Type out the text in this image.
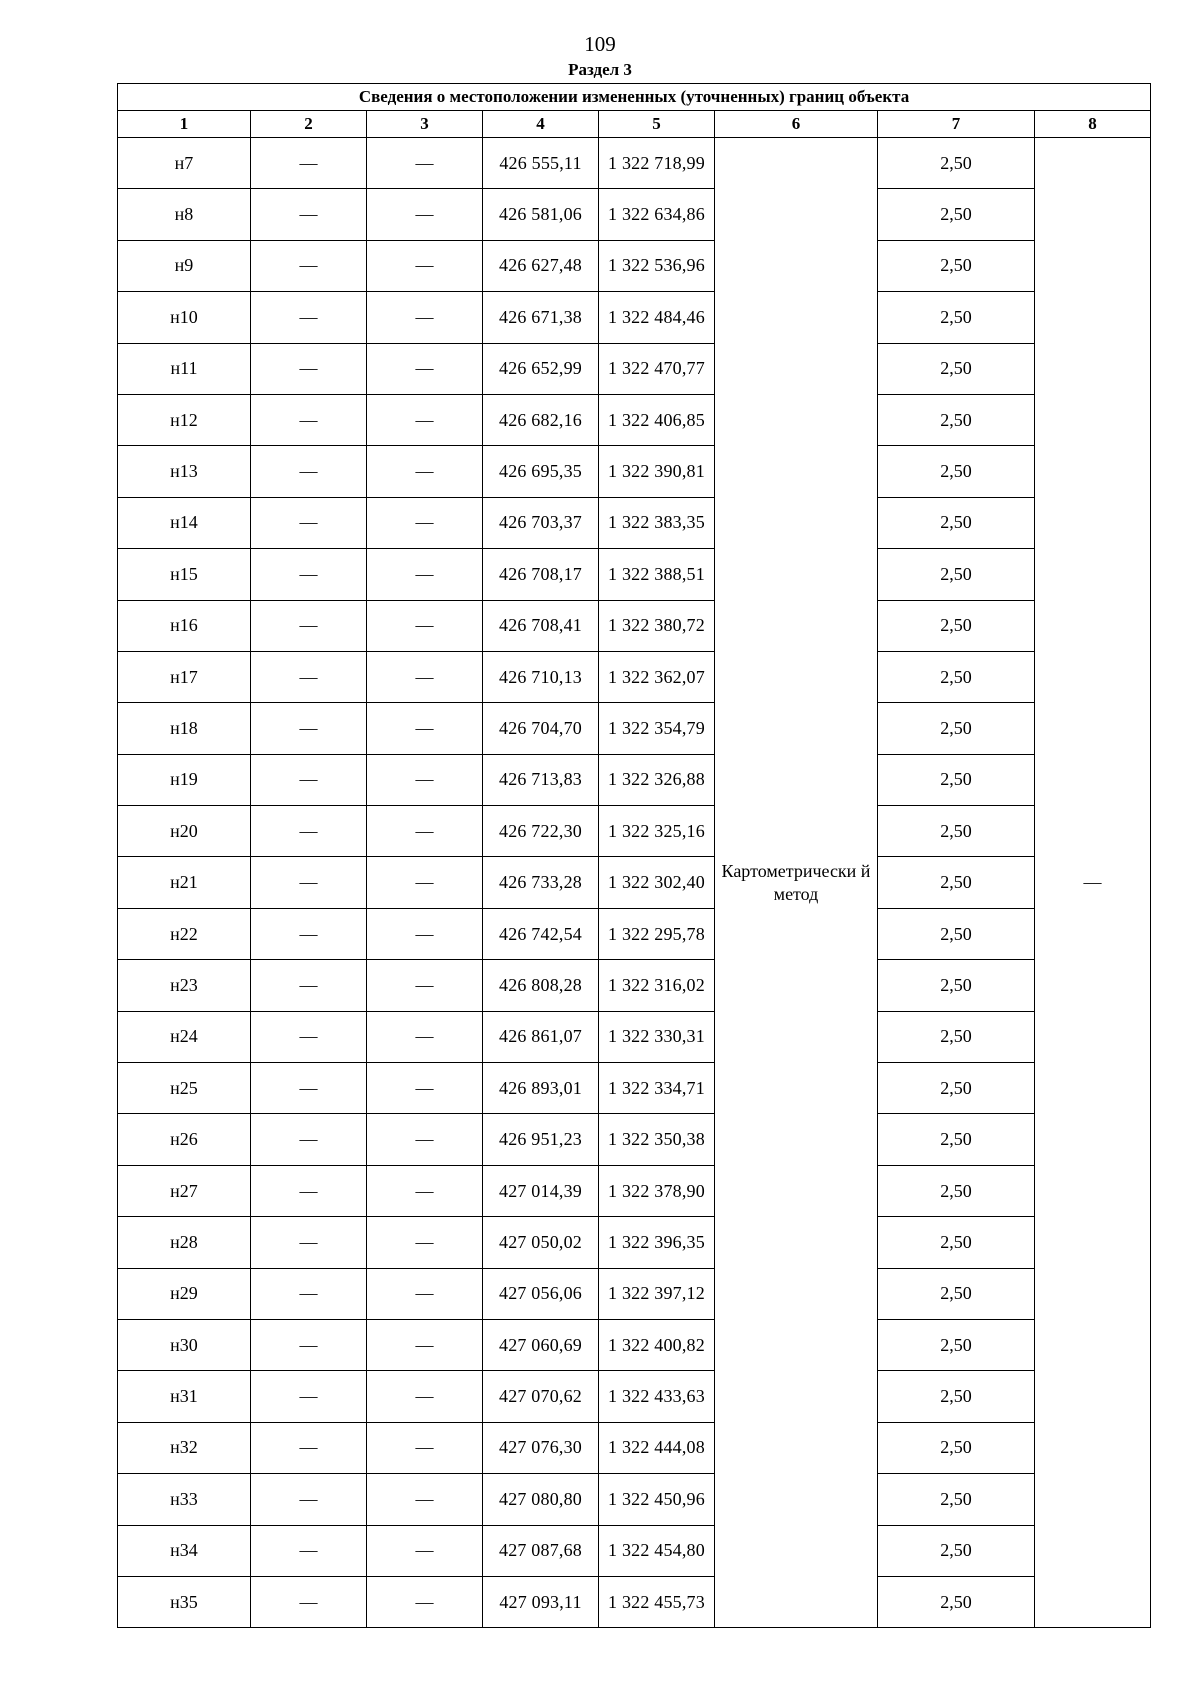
109
Раздел 3
Сведения о местоположении измененных (уточненных) границ объекта							
1	2	3	4	5	6	7	8
н7	—	—	426 555,11	1 322 718,99	Картометрически й метод	2,50	—
н8	—	—	426 581,06	1 322 634,86		2,50	
н9	—	—	426 627,48	1 322 536,96		2,50	
н10	—	—	426 671,38	1 322 484,46		2,50	
н11	—	—	426 652,99	1 322 470,77		2,50	
н12	—	—	426 682,16	1 322 406,85		2,50	
н13	—	—	426 695,35	1 322 390,81		2,50	
н14	—	—	426 703,37	1 322 383,35		2,50	
н15	—	—	426 708,17	1 322 388,51		2,50	
н16	—	—	426 708,41	1 322 380,72		2,50	
н17	—	—	426 710,13	1 322 362,07		2,50	
н18	—	—	426 704,70	1 322 354,79		2,50	
н19	—	—	426 713,83	1 322 326,88		2,50	
н20	—	—	426 722,30	1 322 325,16		2,50	
н21	—	—	426 733,28	1 322 302,40		2,50	
н22	—	—	426 742,54	1 322 295,78		2,50	
н23	—	—	426 808,28	1 322 316,02		2,50	
н24	—	—	426 861,07	1 322 330,31		2,50	
н25	—	—	426 893,01	1 322 334,71		2,50	
н26	—	—	426 951,23	1 322 350,38		2,50	
н27	—	—	427 014,39	1 322 378,90		2,50	
н28	—	—	427 050,02	1 322 396,35		2,50	
н29	—	—	427 056,06	1 322 397,12		2,50	
н30	—	—	427 060,69	1 322 400,82		2,50	
н31	—	—	427 070,62	1 322 433,63		2,50	
н32	—	—	427 076,30	1 322 444,08		2,50	
н33	—	—	427 080,80	1 322 450,96		2,50	
н34	—	—	427 087,68	1 322 454,80		2,50	
н35	—	—	427 093,11	1 322 455,73		2,50	
